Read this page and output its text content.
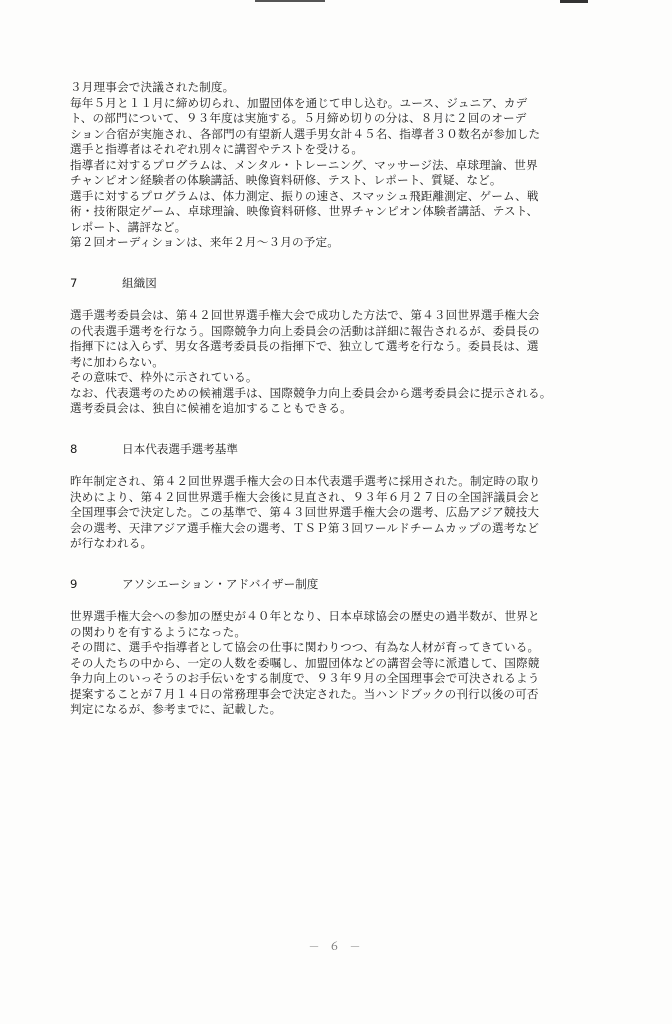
３月理事会で決議された制度。
毎年５月と１１月に締め切られ、加盟団体を通じて申し込む。ユース、ジュニア、カデ
ト、の部門について、９３年度は実施する。５月締め切りの分は、８月に２回のオーデ
ション合宿が実施され、各部門の有望新人選手男女計４５名、指導者３０数名が参加した
選手と指導者はそれぞれ別々に講習やテストを受ける。
指導者に対するプログラムは、メンタル・トレーニング、マッサージ法、卓球理論、世界
チャンピオン経験者の体験講話、映像資料研修、テスト、レポート、質疑、など。
選手に対するプログラムは、体力測定、振りの速さ、スマッシュ飛距離測定、ゲーム、戦
術・技術限定ゲーム、卓球理論、映像資料研修、世界チャンピオン体験者講話、テスト、
レポート、講評など。
第２回オーディションは、来年２月～３月の予定。
7	組織図
選手選考委員会は、第４２回世界選手権大会で成功した方法で、第４３回世界選手権大会
の代表選手選考を行なう。国際競争力向上委員会の活動は詳細に報告されるが、委員長の
指揮下には入らず、男女各選考委員長の指揮下で、独立して選考を行なう。委員長は、選
考に加わらない。
その意味で、枠外に示されている。
なお、代表選考のための候補選手は、国際競争力向上委員会から選考委員会に提示される。
選考委員会は、独自に候補を追加することもできる。
8	日本代表選手選考基準
昨年制定され、第４２回世界選手権大会の日本代表選手選考に採用された。制定時の取り
決めにより、第４２回世界選手権大会後に見直され、９３年６月２７日の全国評議員会と
全国理事会で決定した。この基準で、第４３回世界選手権大会の選考、広島アジア競技大
会の選考、天津アジア選手権大会の選考、ＴＳＰ第３回ワールドチームカップの選考など
が行なわれる。
9	アソシエーション・アドバイザー制度
世界選手権大会への参加の歴史が４０年となり、日本卓球協会の歴史の過半数が、世界と
の関わりを有するようになった。
その間に、選手や指導者として協会の仕事に関わりつつ、有為な人材が育ってきている。
その人たちの中から、一定の人数を委嘱し、加盟団体などの講習会等に派遣して、国際競
争力向上のいっそうのお手伝いをする制度で、９３年９月の全国理事会で可決されるよう
提案することが７月１４日の常務理事会で決定された。当ハンドブックの刊行以後の可否
判定になるが、参考までに、記載した。
－ ６ －
